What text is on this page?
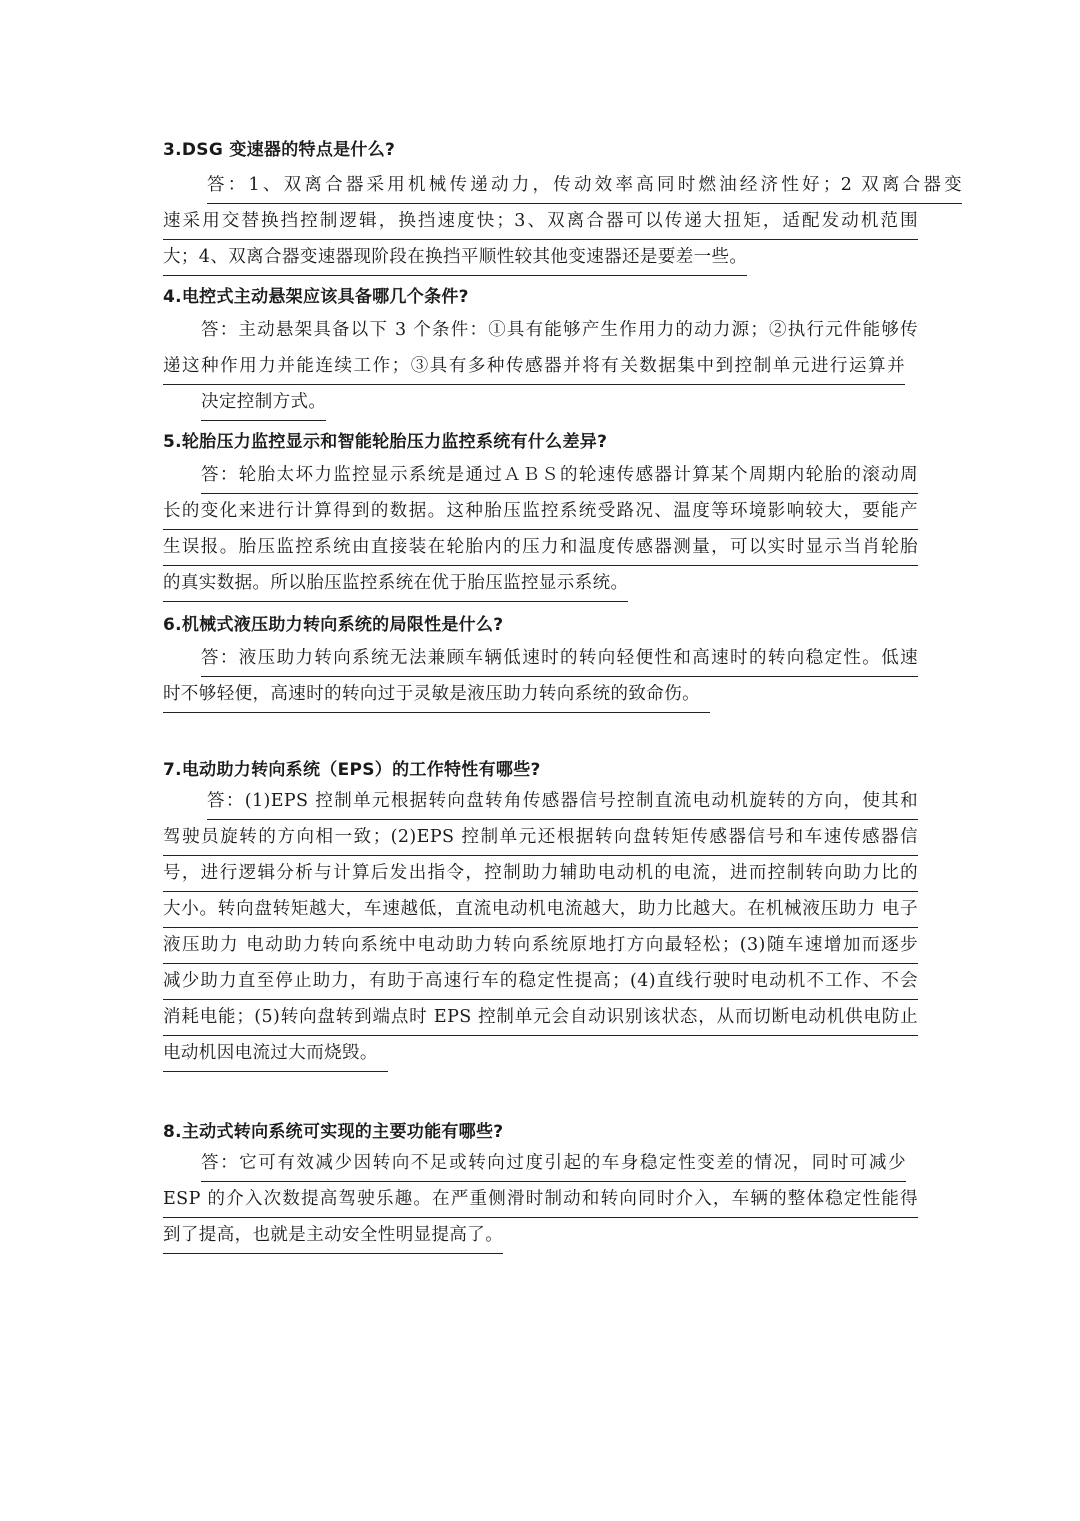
3.DSG 变速器的特点是什么?
答：1、双离合器采用机械传递动力，传动效率高同时燃油经济性好；2 双离合器变
速采用交替换挡控制逻辑，换挡速度快；3、双离合器可以传递大扭矩，适配发动机范围
大；4、双离合器变速器现阶段在换挡平顺性较其他变速器还是要差一些。
4.电控式主动悬架应该具备哪几个条件?
答：主动悬架具备以下 3 个条件：①具有能够产生作用力的动力源；②执行元件能够传
递这种作用力并能连续工作；③具有多种传感器并将有关数据集中到控制单元进行运算并
决定控制方式。
5.轮胎压力监控显示和智能轮胎压力监控系统有什么差异?
答：轮胎太坏力监控显示系统是通过ＡＢＳ的轮速传感器计算某个周期内轮胎的滚动周
长的变化来进行计算得到的数据。这种胎压监控系统受路况、温度等环境影响较大，要能产
生误报。胎压监控系统由直接装在轮胎内的压力和温度传感器测量，可以实时显示当肖轮胎
的真实数据。所以胎压监控系统在优于胎压监控显示系统。
6.机械式液压助力转向系统的局限性是什么?
答：液压助力转向系统无法兼顾车辆低速时的转向轻便性和高速时的转向稳定性。低速
时不够轻便，高速时的转向过于灵敏是液压助力转向系统的致命伤。
7.电动助力转向系统（EPS）的工作特性有哪些?
答：(1)EPS 控制单元根据转向盘转角传感器信号控制直流电动机旋转的方向，使其和
驾驶员旋转的方向相一致；(2)EPS 控制单元还根据转向盘转矩传感器信号和车速传感器信
号，进行逻辑分析与计算后发出指令，控制助力辅助电动机的电流，进而控制转向助力比的
大小。转向盘转矩越大，车速越低，直流电动机电流越大，助力比越大。在机械液压助力 电子
液压助力 电动助力转向系统中电动助力转向系统原地打方向最轻松；(3)随车速增加而逐步
减少助力直至停止助力，有助于高速行车的稳定性提高；(4)直线行驶时电动机不工作、不会
消耗电能；(5)转向盘转到端点时 EPS 控制单元会自动识别该状态，从而切断电动机供电防止
电动机因电流过大而烧毁。
8.主动式转向系统可实现的主要功能有哪些?
答：它可有效减少因转向不足或转向过度引起的车身稳定性变差的情况，同时可减少
ESP 的介入次数提高驾驶乐趣。在严重侧滑时制动和转向同时介入，车辆的整体稳定性能得
到了提高，也就是主动安全性明显提高了。
